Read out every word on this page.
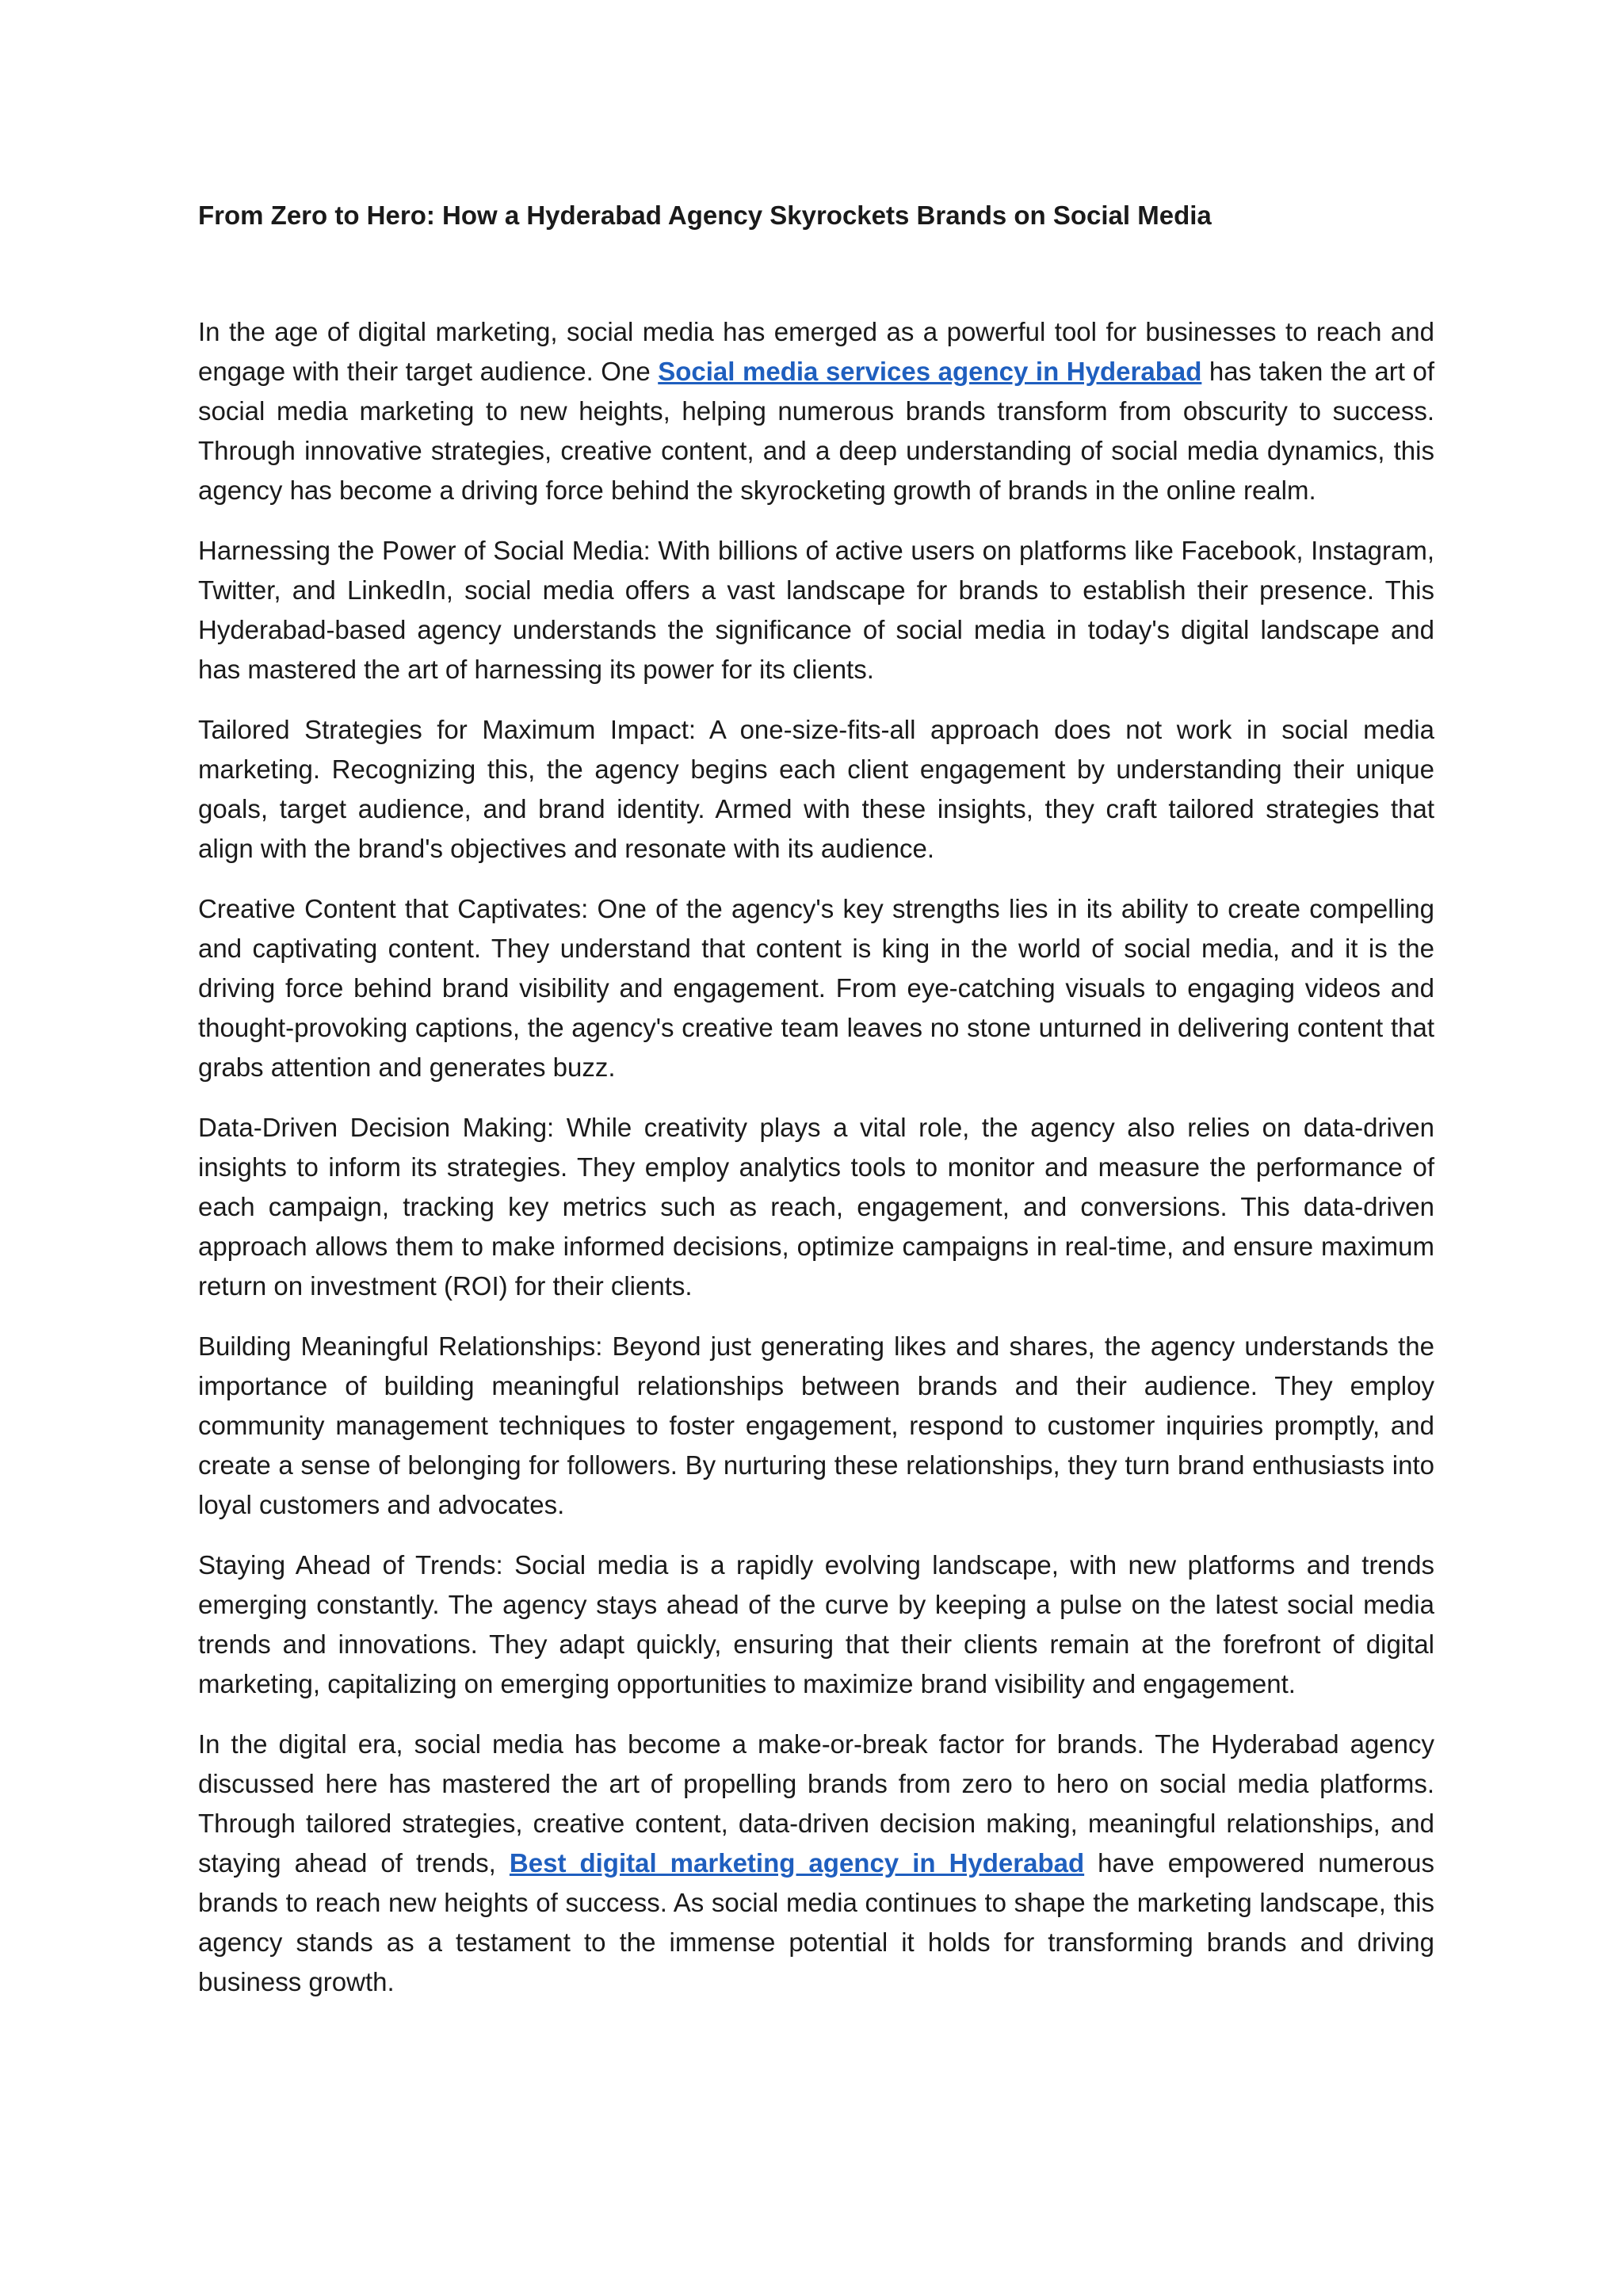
From Zero to Hero: How a Hyderabad Agency Skyrockets Brands on Social Media

In the age of digital marketing, social media has emerged as a powerful tool for businesses to reach and engage with their target audience. One Social media services agency in Hyderabad has taken the art of social media marketing to new heights, helping numerous brands transform from obscurity to success. Through innovative strategies, creative content, and a deep understanding of social media dynamics, this agency has become a driving force behind the skyrocketing growth of brands in the online realm.

Harnessing the Power of Social Media: With billions of active users on platforms like Facebook, Instagram, Twitter, and LinkedIn, social media offers a vast landscape for brands to establish their presence. This Hyderabad-based agency understands the significance of social media in today's digital landscape and has mastered the art of harnessing its power for its clients.

Tailored Strategies for Maximum Impact: A one-size-fits-all approach does not work in social media marketing. Recognizing this, the agency begins each client engagement by understanding their unique goals, target audience, and brand identity. Armed with these insights, they craft tailored strategies that align with the brand's objectives and resonate with its audience.

Creative Content that Captivates: One of the agency's key strengths lies in its ability to create compelling and captivating content. They understand that content is king in the world of social media, and it is the driving force behind brand visibility and engagement. From eye-catching visuals to engaging videos and thought-provoking captions, the agency's creative team leaves no stone unturned in delivering content that grabs attention and generates buzz.

Data-Driven Decision Making: While creativity plays a vital role, the agency also relies on data-driven insights to inform its strategies. They employ analytics tools to monitor and measure the performance of each campaign, tracking key metrics such as reach, engagement, and conversions. This data-driven approach allows them to make informed decisions, optimize campaigns in real-time, and ensure maximum return on investment (ROI) for their clients.

Building Meaningful Relationships: Beyond just generating likes and shares, the agency understands the importance of building meaningful relationships between brands and their audience. They employ community management techniques to foster engagement, respond to customer inquiries promptly, and create a sense of belonging for followers. By nurturing these relationships, they turn brand enthusiasts into loyal customers and advocates.

Staying Ahead of Trends: Social media is a rapidly evolving landscape, with new platforms and trends emerging constantly. The agency stays ahead of the curve by keeping a pulse on the latest social media trends and innovations. They adapt quickly, ensuring that their clients remain at the forefront of digital marketing, capitalizing on emerging opportunities to maximize brand visibility and engagement.

In the digital era, social media has become a make-or-break factor for brands. The Hyderabad agency discussed here has mastered the art of propelling brands from zero to hero on social media platforms. Through tailored strategies, creative content, data-driven decision making, meaningful relationships, and staying ahead of trends, Best digital marketing agency in Hyderabad have empowered numerous brands to reach new heights of success. As social media continues to shape the marketing landscape, this agency stands as a testament to the immense potential it holds for transforming brands and driving business growth.
